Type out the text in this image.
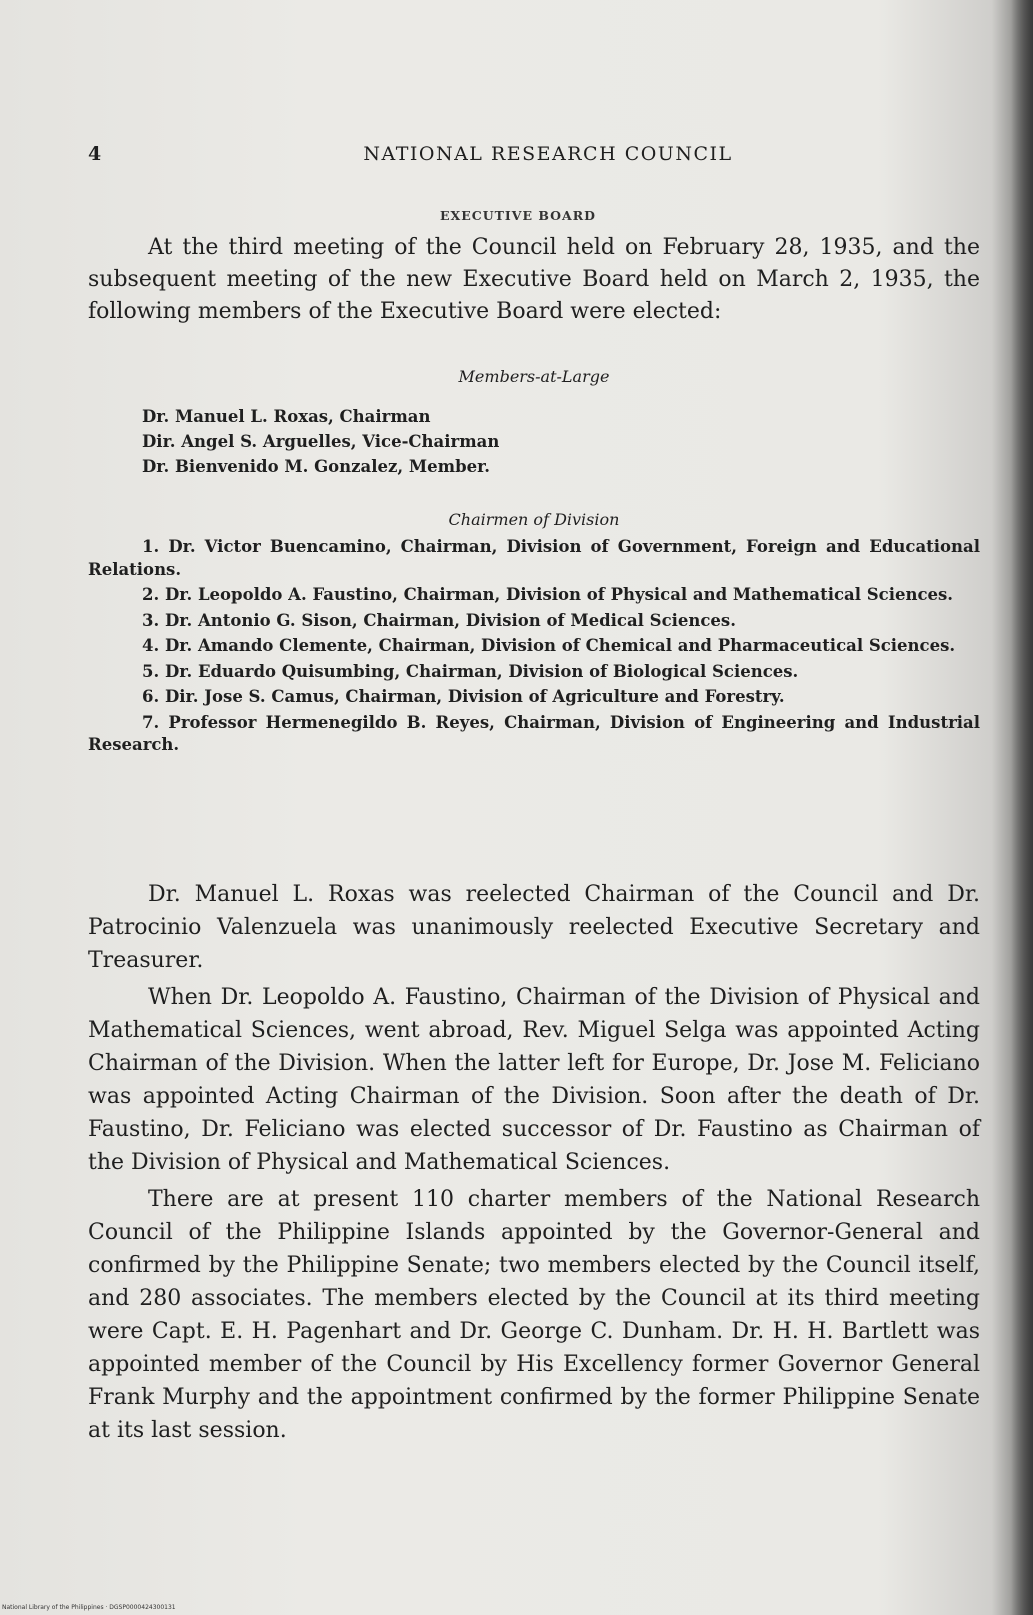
4	NATIONAL RESEARCH COUNCIL
EXECUTIVE BOARD

At the third meeting of the Council held on February 28, 1935, and the subsequent meeting of the new Executive Board held on March 2, 1935, the following members of the Executive Board were elected:

Members-at-Large

Dr. Manuel L. Roxas, Chairman
Dir. Angel S. Arguelles, Vice-Chairman
Dr. Bienvenido M. Gonzalez, Member.

Chairmen of Division

1. Dr. Victor Buencamino, Chairman, Division of Government, Foreign and Educational Relations.

2. Dr. Leopoldo A. Faustino, Chairman, Division of Physical and Mathematical Sciences.

3. Dr. Antonio G. Sison, Chairman, Division of Medical Sciences.

4. Dr. Amando Clemente, Chairman, Division of Chemical and Pharmaceutical Sciences.

5. Dr. Eduardo Quisumbing, Chairman, Division of Biological Sciences.

6. Dir. Jose S. Camus, Chairman, Division of Agriculture and Forestry.

7. Professor Hermenegildo B. Reyes, Chairman, Division of Engineering and Industrial Research.

Dr. Manuel L. Roxas was reelected Chairman of the Council and Dr. Patrocinio Valenzuela was unanimously reelected Executive Secretary and Treasurer.

When Dr. Leopoldo A. Faustino, Chairman of the Division of Physical and Mathematical Sciences, went abroad, Rev. Miguel Selga was appointed Acting Chairman of the Division. When the latter left for Europe, Dr. Jose M. Feliciano was appointed Acting Chairman of the Division. Soon after the death of Dr. Faustino, Dr. Feliciano was elected successor of Dr. Faustino as Chairman of the Division of Physical and Mathematical Sciences.

There are at present 110 charter members of the National Research Council of the Philippine Islands appointed by the Governor-General and confirmed by the Philippine Senate; two members elected by the Council itself, and 280 associates. The members elected by the Council at its third meeting were Capt. E. H. Pagenhart and Dr. George C. Dunham. Dr. H. H. Bartlett was appointed member of the Council by His Excellency former Governor General Frank Murphy and the appointment confirmed by the former Philippine Senate at its last session.

National Library of the Philippines · DGSP0000424300131
